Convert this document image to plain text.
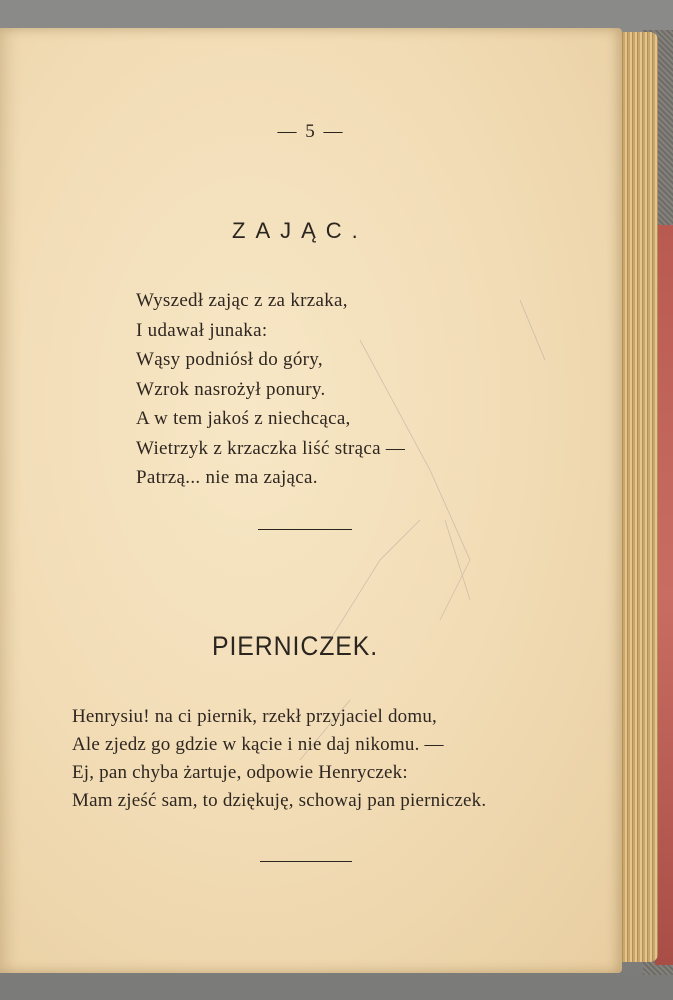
— 5 —
ZAJĄC.
Wyszedł zając z za krzaka,
I udawał junaka:
Wąsy podniósł do góry,
Wzrok nasrożył ponury.
A w tem jakoś z niechcąca,
Wietrzyk z krzaczka liść strąca —
Patrzą... nie ma zająca.
PIERNICZEK.
Henrysiu! na ci piernik, rzekł przyjaciel domu,
Ale zjedz go gdzie w kącie i nie daj nikomu. —
Ej, pan chyba żartuje, odpowie Henryczek:
Mam zjeść sam, to dziękuję, schowaj pan pierniczek.
